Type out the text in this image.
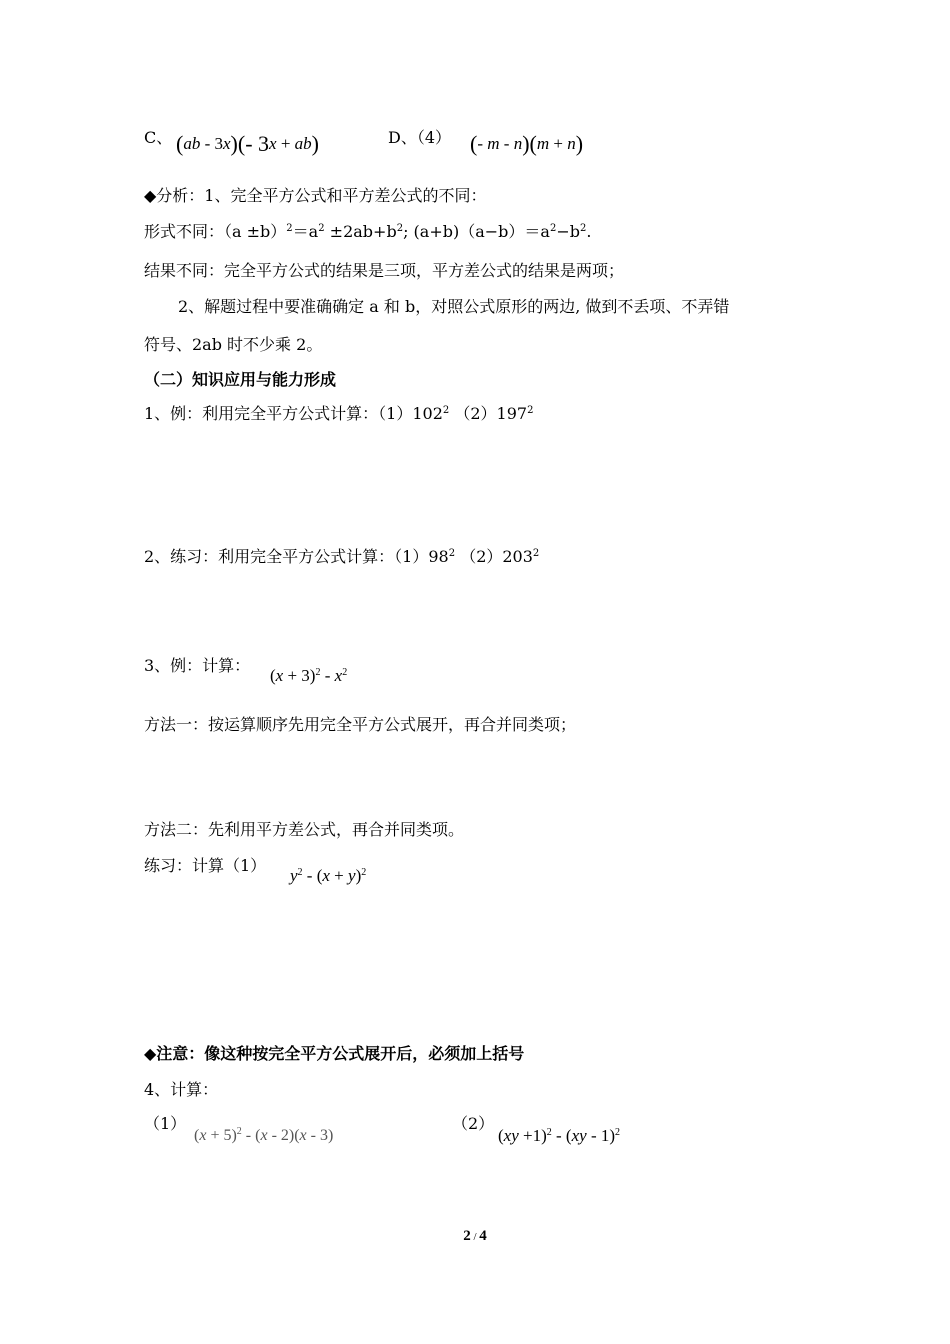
C、 (ab - 3x)(- 3x + ab)	D、（4） (- m - n)(m + n)
◆分析：1、完全平方公式和平方差公式的不同：
形式不同：$(a \pm b)^2=a^2 \pm 2ab+b^2$; $(a+b)(a-b)=a^2-b^2$.
结果不同：完全平方公式的结果是三项，平方差公式的结果是两项；
2、解题过程中要准确确定 a 和 b，对照公式原形的两边, 做到不丢项、不弄错
符号、2ab 时不少乘 2。
（二）知识应用与能力形成
1、例：利用完全平方公式计算：$(1)102^2$ $(2)197^2$
2、练习：利用完全平方公式计算：$(1)98^2$ $(2)203^2$
3、例：计算：
$(x + 3)^2 - x^2$
方法一：按运算顺序先用完全平方公式展开，再合并同类项；
方法二：先利用平方差公式，再合并同类项。
练习：计算（1）
$y^2 - (x + y)^2$
◆注意：像这种按完全平方公式展开后，必须加上括号
4、计算：
（1）
$(x + 5)^2 - (x - 2)(x - 3)$
（2）
(xy +1)$^2$ - (xy - 1)$^2$
2 / 4
